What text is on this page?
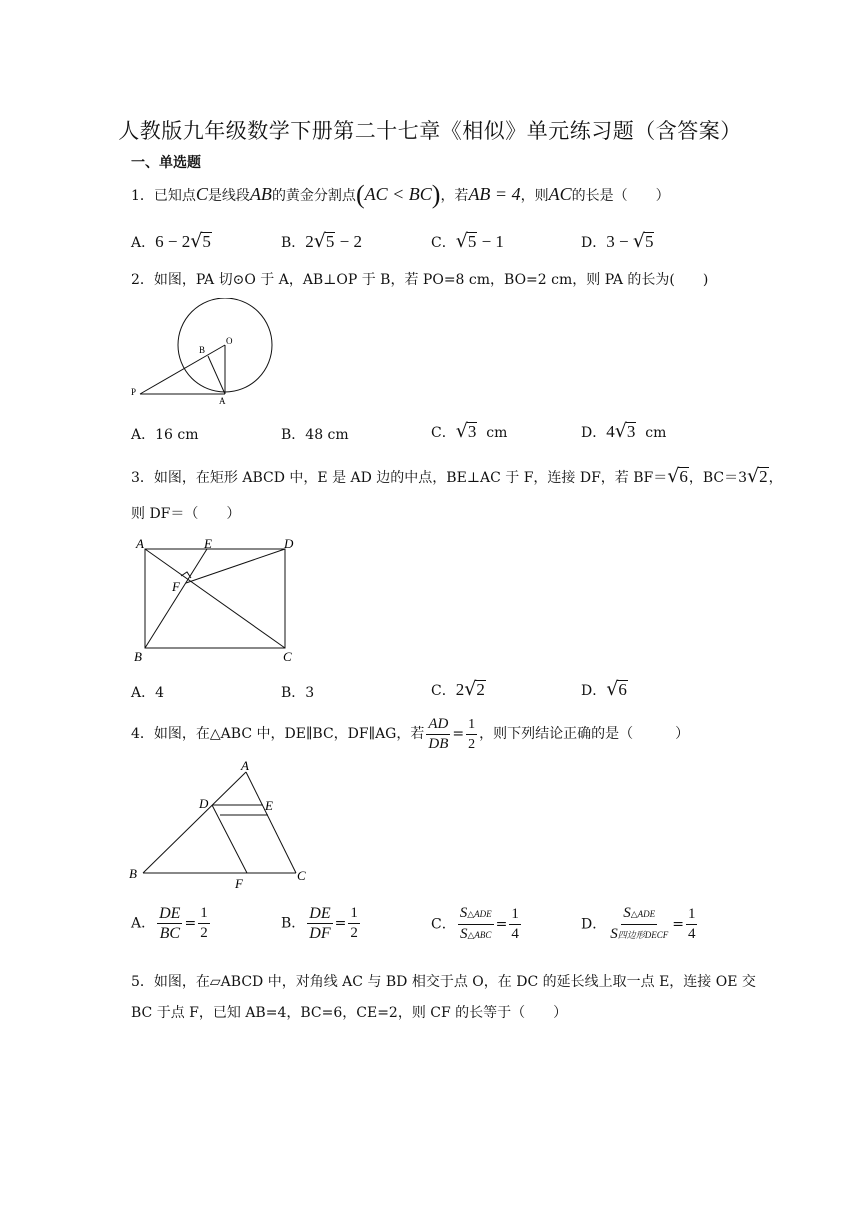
人教版九年级数学下册第二十七章《相似》单元练习题（含答案）
一、单选题
1．已知点C是线段AB的黄金分割点(AC < BC)，若AB = 4，则AC的长是（　　）
A．6 − 2√5	B．2√5 − 2	C．√5 − 1	D．3 − √5
2．如图，PA 切⊙O 于 A，AB⊥OP 于 B，若 PO=8 cm，BO=2 cm，则 PA 的长为(　　)
O
B
P
A
A．16 cm	B．48 cm	C．√3  cm	D．4√3  cm
3．如图，在矩形 ABCD 中，E 是 AD 边的中点，BE⊥AC 于 F，连接 DF，若 BF＝√6，BC＝3√2，
则 DF＝（　　）
A	E	D
F
B	C
A．4	B．3	C．2√2	D．√6
4．如图，在△ABC 中，DE∥BC，DF∥AG，若 $\frac{AD}{DB} = \frac{1}{2}$ ，则下列结论正确的是（　　　）
A
D	E
B
F
C
A． $\frac{DE}{BC} = \frac{1}{2}$	B． $\frac{DE}{DF} = \frac{1}{2}$	C． $\frac{\text{S△ADE}}{\text{S△ABC}} = \frac{1}{4}$	D． $\frac{\text{S△ADE}}{\text{S四边形DECF}} = \frac{1}{4}$
5．如图，在▱ABCD 中，对角线 AC 与 BD 相交于点 O，在 DC 的延长线上取一点 E，连接 OE 交
BC 于点 F，已知 AB=4，BC=6，CE=2，则 CF 的长等于（　　）
